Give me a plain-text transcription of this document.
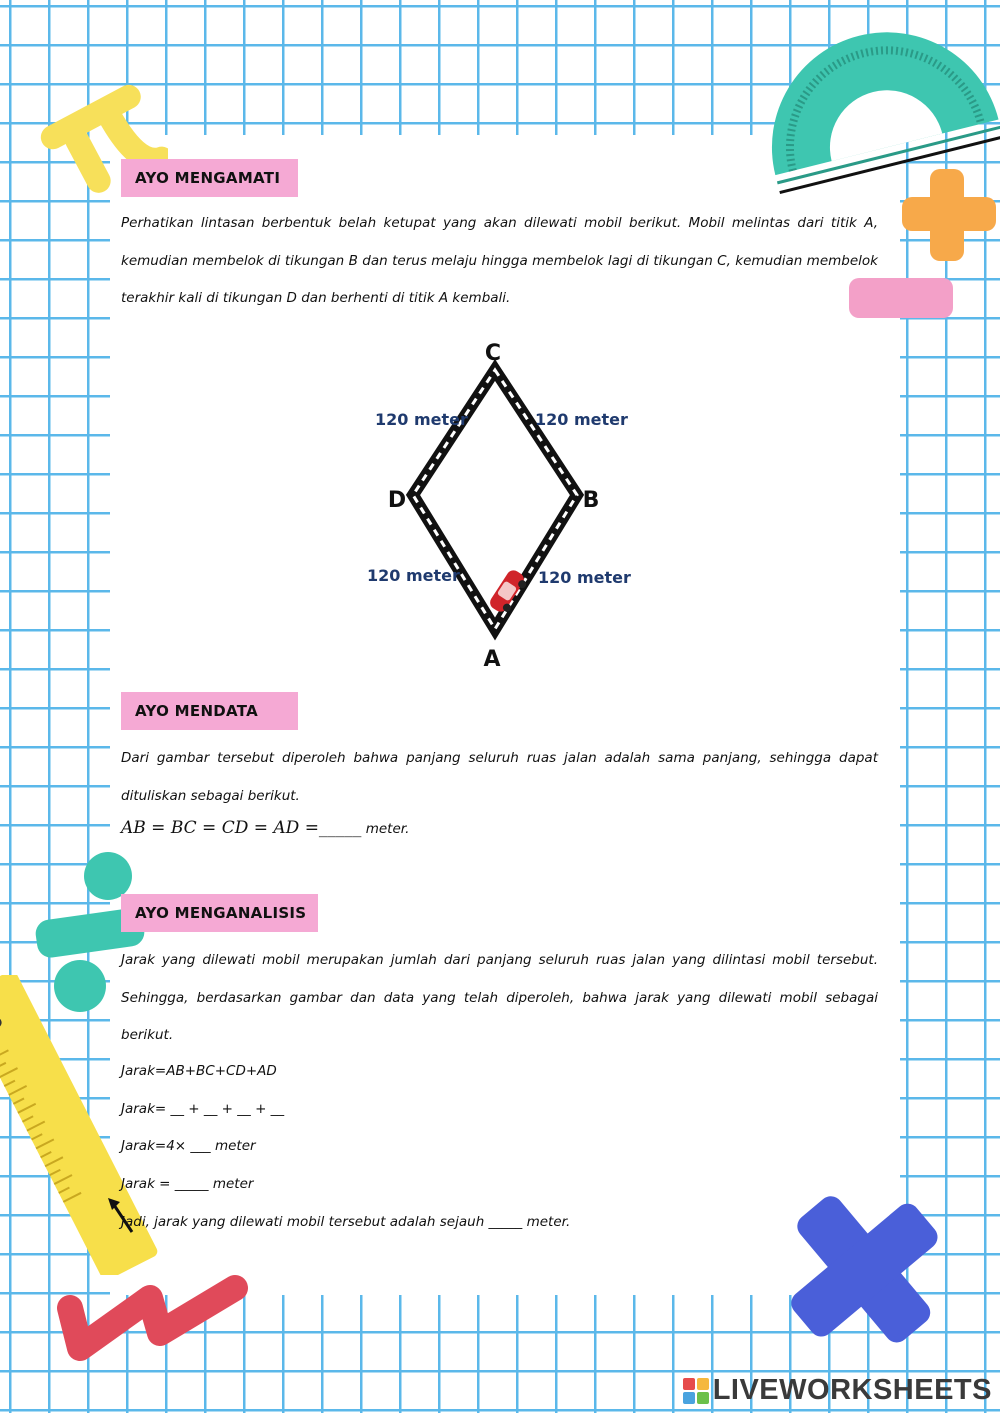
AYO MENGAMATI
Perhatikan lintasan berbentuk belah ketupat yang akan dilewati mobil berikut. Mobil melintas dari titik A, kemudian membelok di tikungan B dan terus melaju hingga membelok lagi di tikungan C, kemudian membelok terakhir kali di tikungan D dan berhenti di titik A kembali.
AYO MENDATA
Dari gambar tersebut diperoleh bahwa panjang seluruh ruas jalan adalah sama panjang, sehingga dapat dituliskan sebagai berikut.
AB = BC = CD = AD =_____ meter.
AYO MENGANALISIS
Jarak yang dilewati mobil merupakan jumlah dari panjang seluruh ruas jalan yang dilintasi mobil tersebut. Sehingga, berdasarkan gambar dan data yang telah diperoleh, bahwa jarak yang dilewati mobil sebagai berikut.
Jarak=AB+BC+CD+AD
Jarak= __ + __ + __ + __
Jarak=4× ___ meter
Jarak = _____ meter
Jadi, jarak yang dilewati mobil tersebut adalah sejauh _____ meter.
C
B
D
A
120 meter	120 meter
120 meter	120 meter
LIVEWORKSHEETS
